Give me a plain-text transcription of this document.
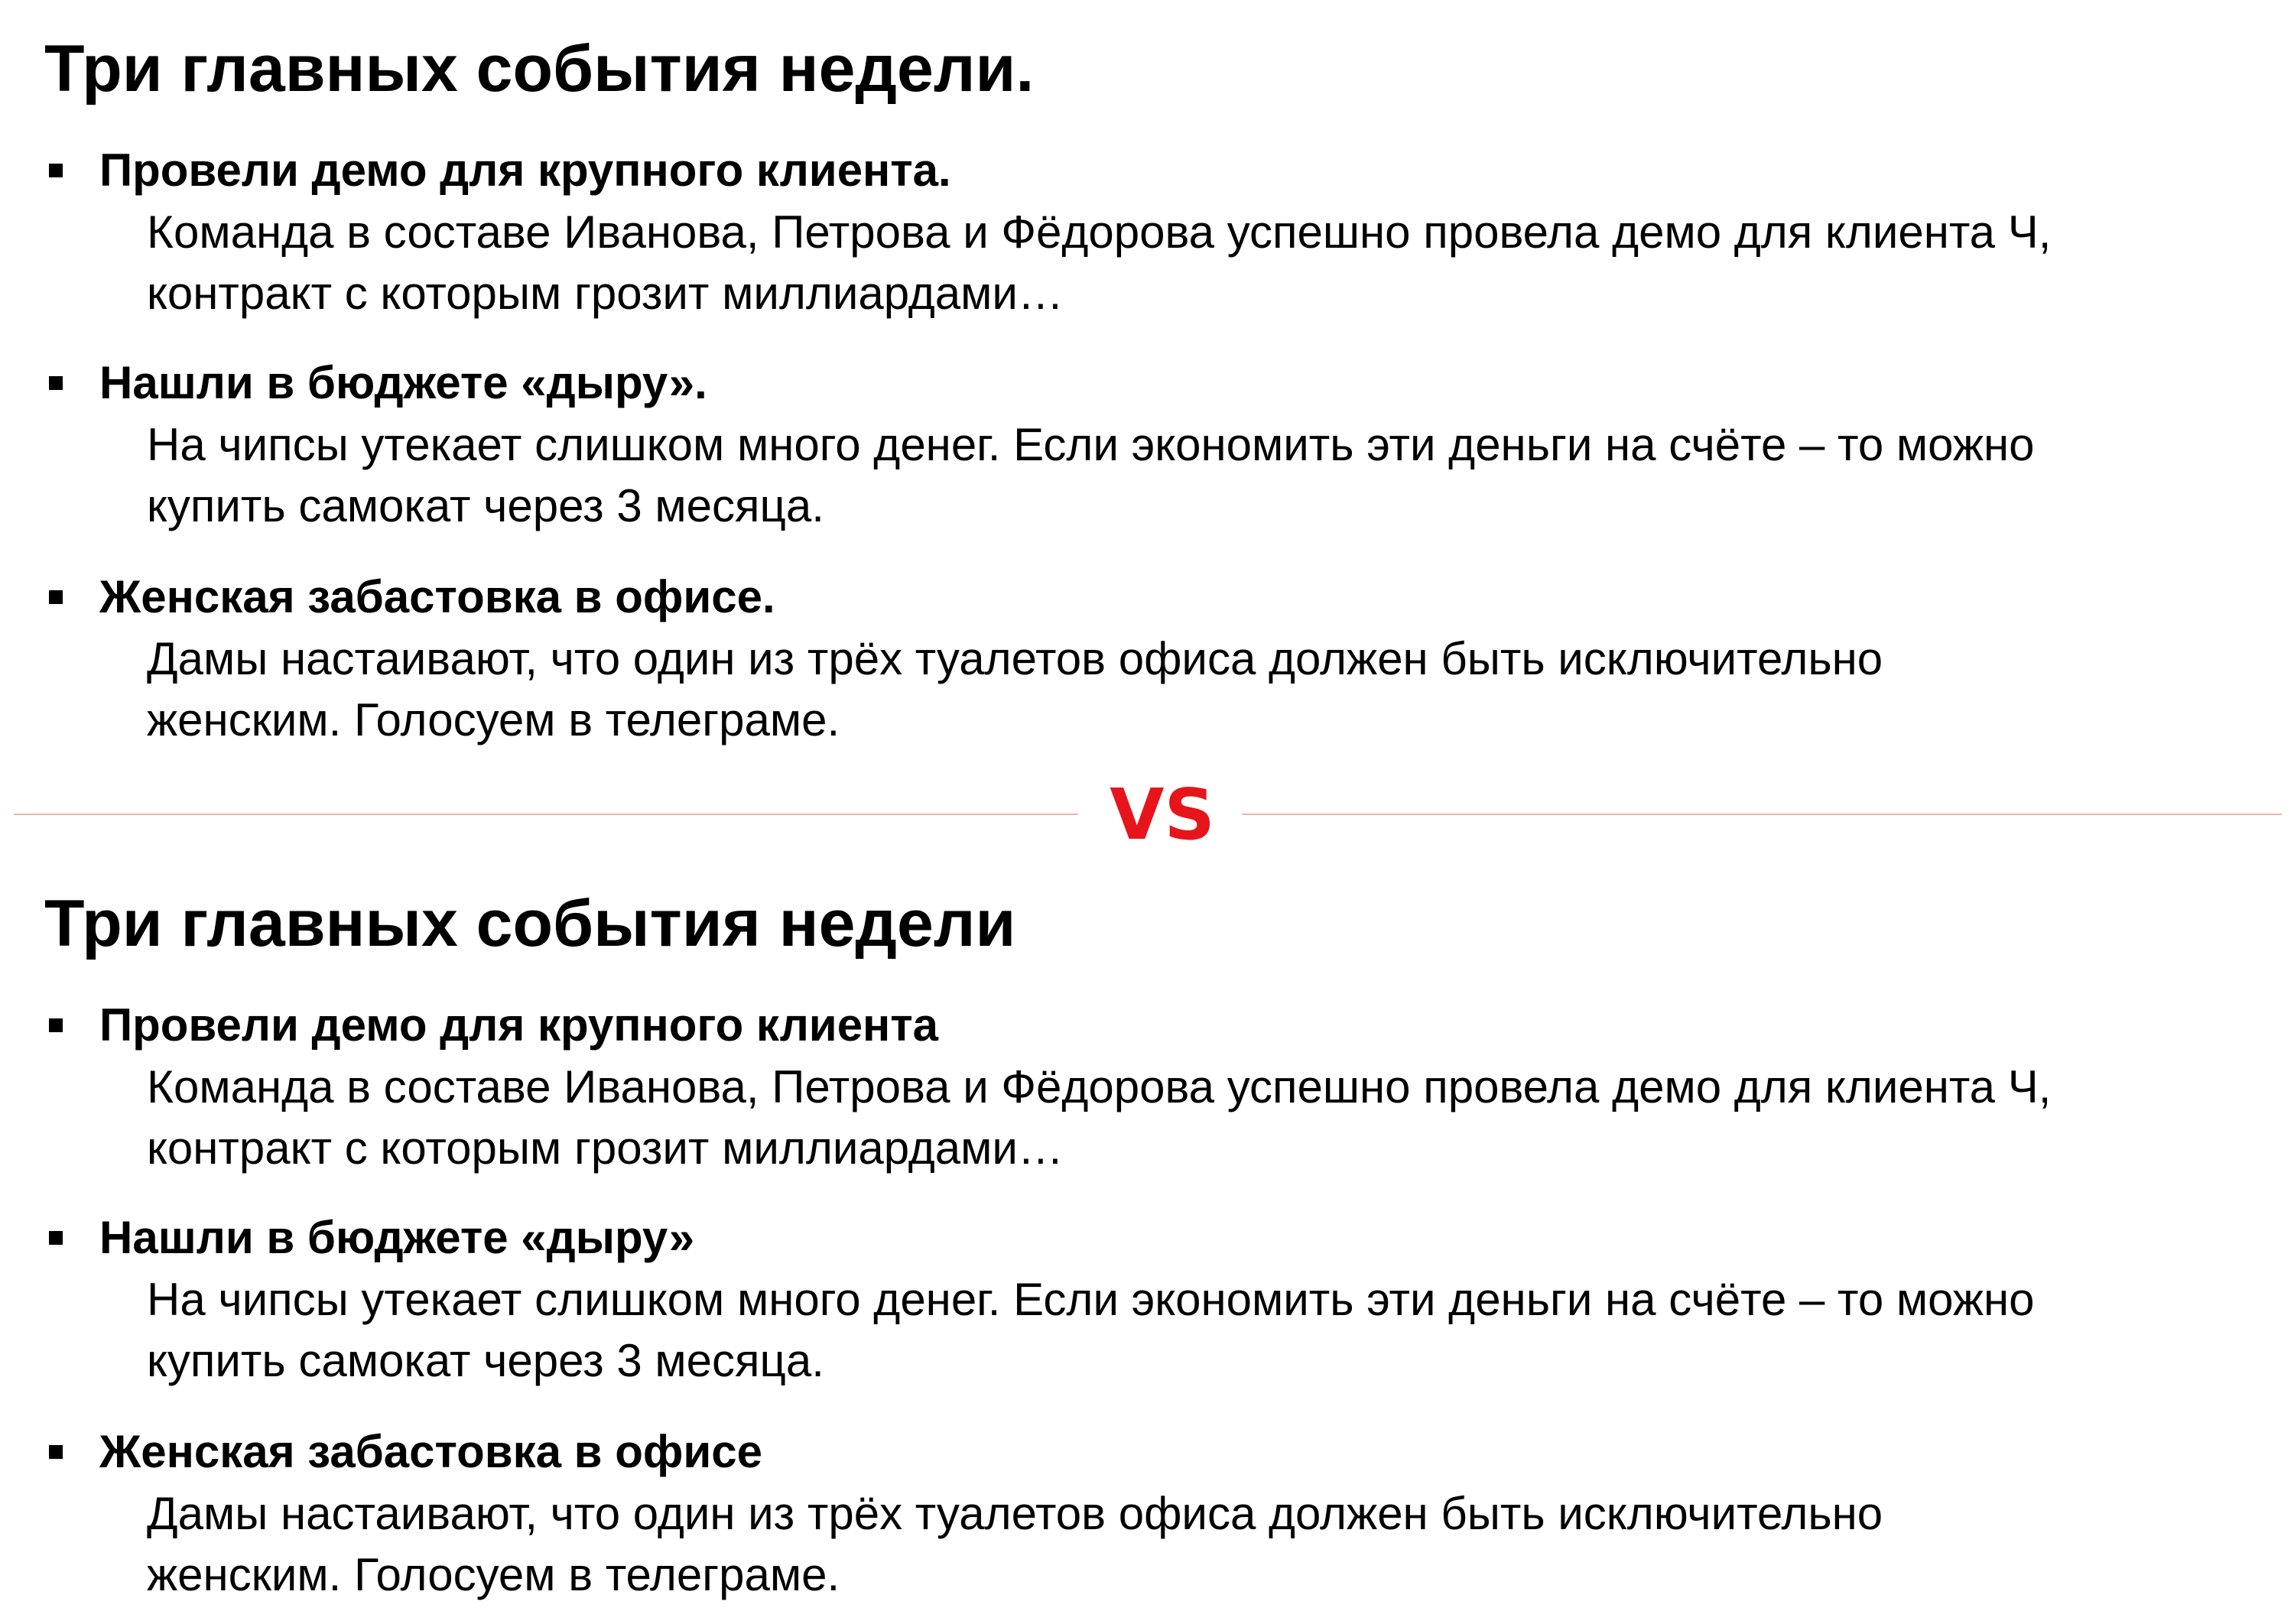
Три главных события недели.
Провели демо для крупного клиента.
Команда в составе Иванова, Петрова и Фёдорова успешно провела демо для клиента Ч,
контракт с которым грозит миллиардами…
Нашли в бюджете «дыру».
На чипсы утекает слишком много денег. Если экономить эти деньги на счёте – то можно
купить самокат через 3 месяца.
Женская забастовка в офисе.
Дамы настаивают, что один из трёх туалетов офиса должен быть исключительно
женским. Голосуем в телеграме.
VS
Три главных события недели
Провели демо для крупного клиента
Команда в составе Иванова, Петрова и Фёдорова успешно провела демо для клиента Ч,
контракт с которым грозит миллиардами…
Нашли в бюджете «дыру»
На чипсы утекает слишком много денег. Если экономить эти деньги на счёте – то можно
купить самокат через 3 месяца.
Женская забастовка в офисе
Дамы настаивают, что один из трёх туалетов офиса должен быть исключительно
женским. Голосуем в телеграме.
